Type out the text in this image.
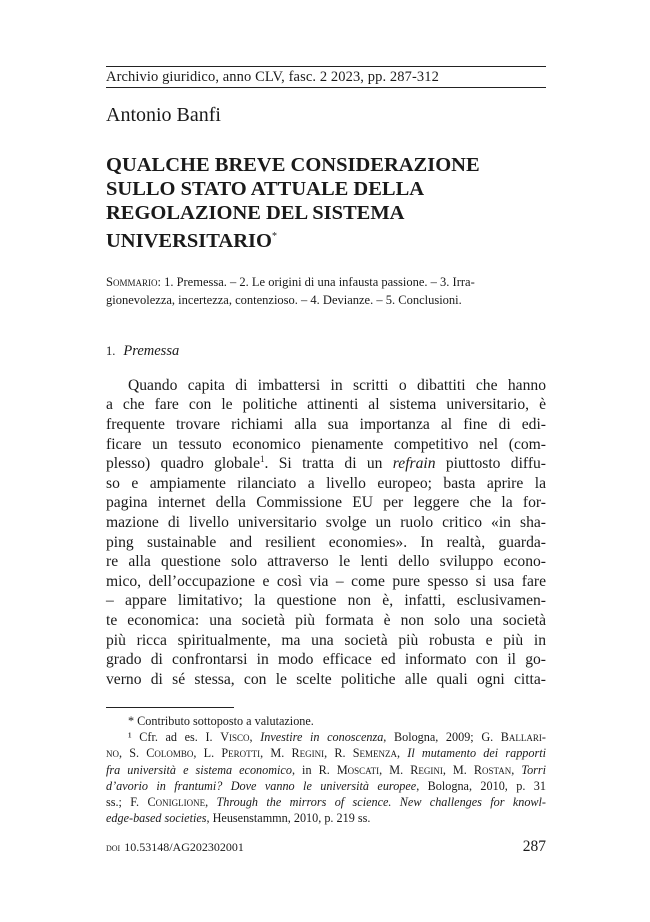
Archivio giuridico, anno CLV, fasc. 2 2023, pp. 287-312
Antonio Banfi
QUALCHE BREVE CONSIDERAZIONE
SULLO STATO ATTUALE DELLA
REGOLAZIONE DEL SISTEMA
UNIVERSITARIO*
Sommario: 1. Premessa. – 2. Le origini di una infausta passione. – 3. Irra-
gionevolezza, incertezza, contenzioso. – 4. Devianze. – 5. Conclusioni.
1. Premessa
Quando capita di imbattersi in scritti o dibattiti che hanno
a che fare con le politiche attinenti al sistema universitario, è
frequente trovare richiami alla sua importanza al fine di edi-
ficare un tessuto economico pienamente competitivo nel (com-
plesso) quadro globale$^1$. Si tratta di un refrain piuttosto diffu-
so e ampiamente rilanciato a livello europeo; basta aprire la
pagina internet della Commissione EU per leggere che la for-
mazione di livello universitario svolge un ruolo critico «in sha-
ping sustainable and resilient economies». In realtà, guarda-
re alla questione solo attraverso le lenti dello sviluppo econo-
mico, dell’occupazione e così via – come pure spesso si usa fare
– appare limitativo; la questione non è, infatti, esclusivamen-
te economica: una società più formata è non solo una società
più ricca spiritualmente, ma una società più robusta e più in
grado di confrontarsi in modo efficace ed informato con il go-
verno di sé stessa, con le scelte politiche alle quali ogni citta-
* Contributo sottoposto a valutazione.
¹ Cfr. ad es. I. Visco, Investire in conoscenza, Bologna, 2009; G. Ballari-
no, S. Colombo, L. Perotti, M. Regini, R. Semenza, Il mutamento dei rapporti
fra università e sistema economico, in R. Moscati, M. Regini, M. Rostan, Torri
d’avorio in frantumi? Dove vanno le università europee, Bologna, 2010, p. 31
ss.; F. Coniglione, Through the mirrors of science. New challenges for knowl-
edge-based societies, Heusenstammn, 2010, p. 219 ss.
doi 10.53148/AG202302001	287
